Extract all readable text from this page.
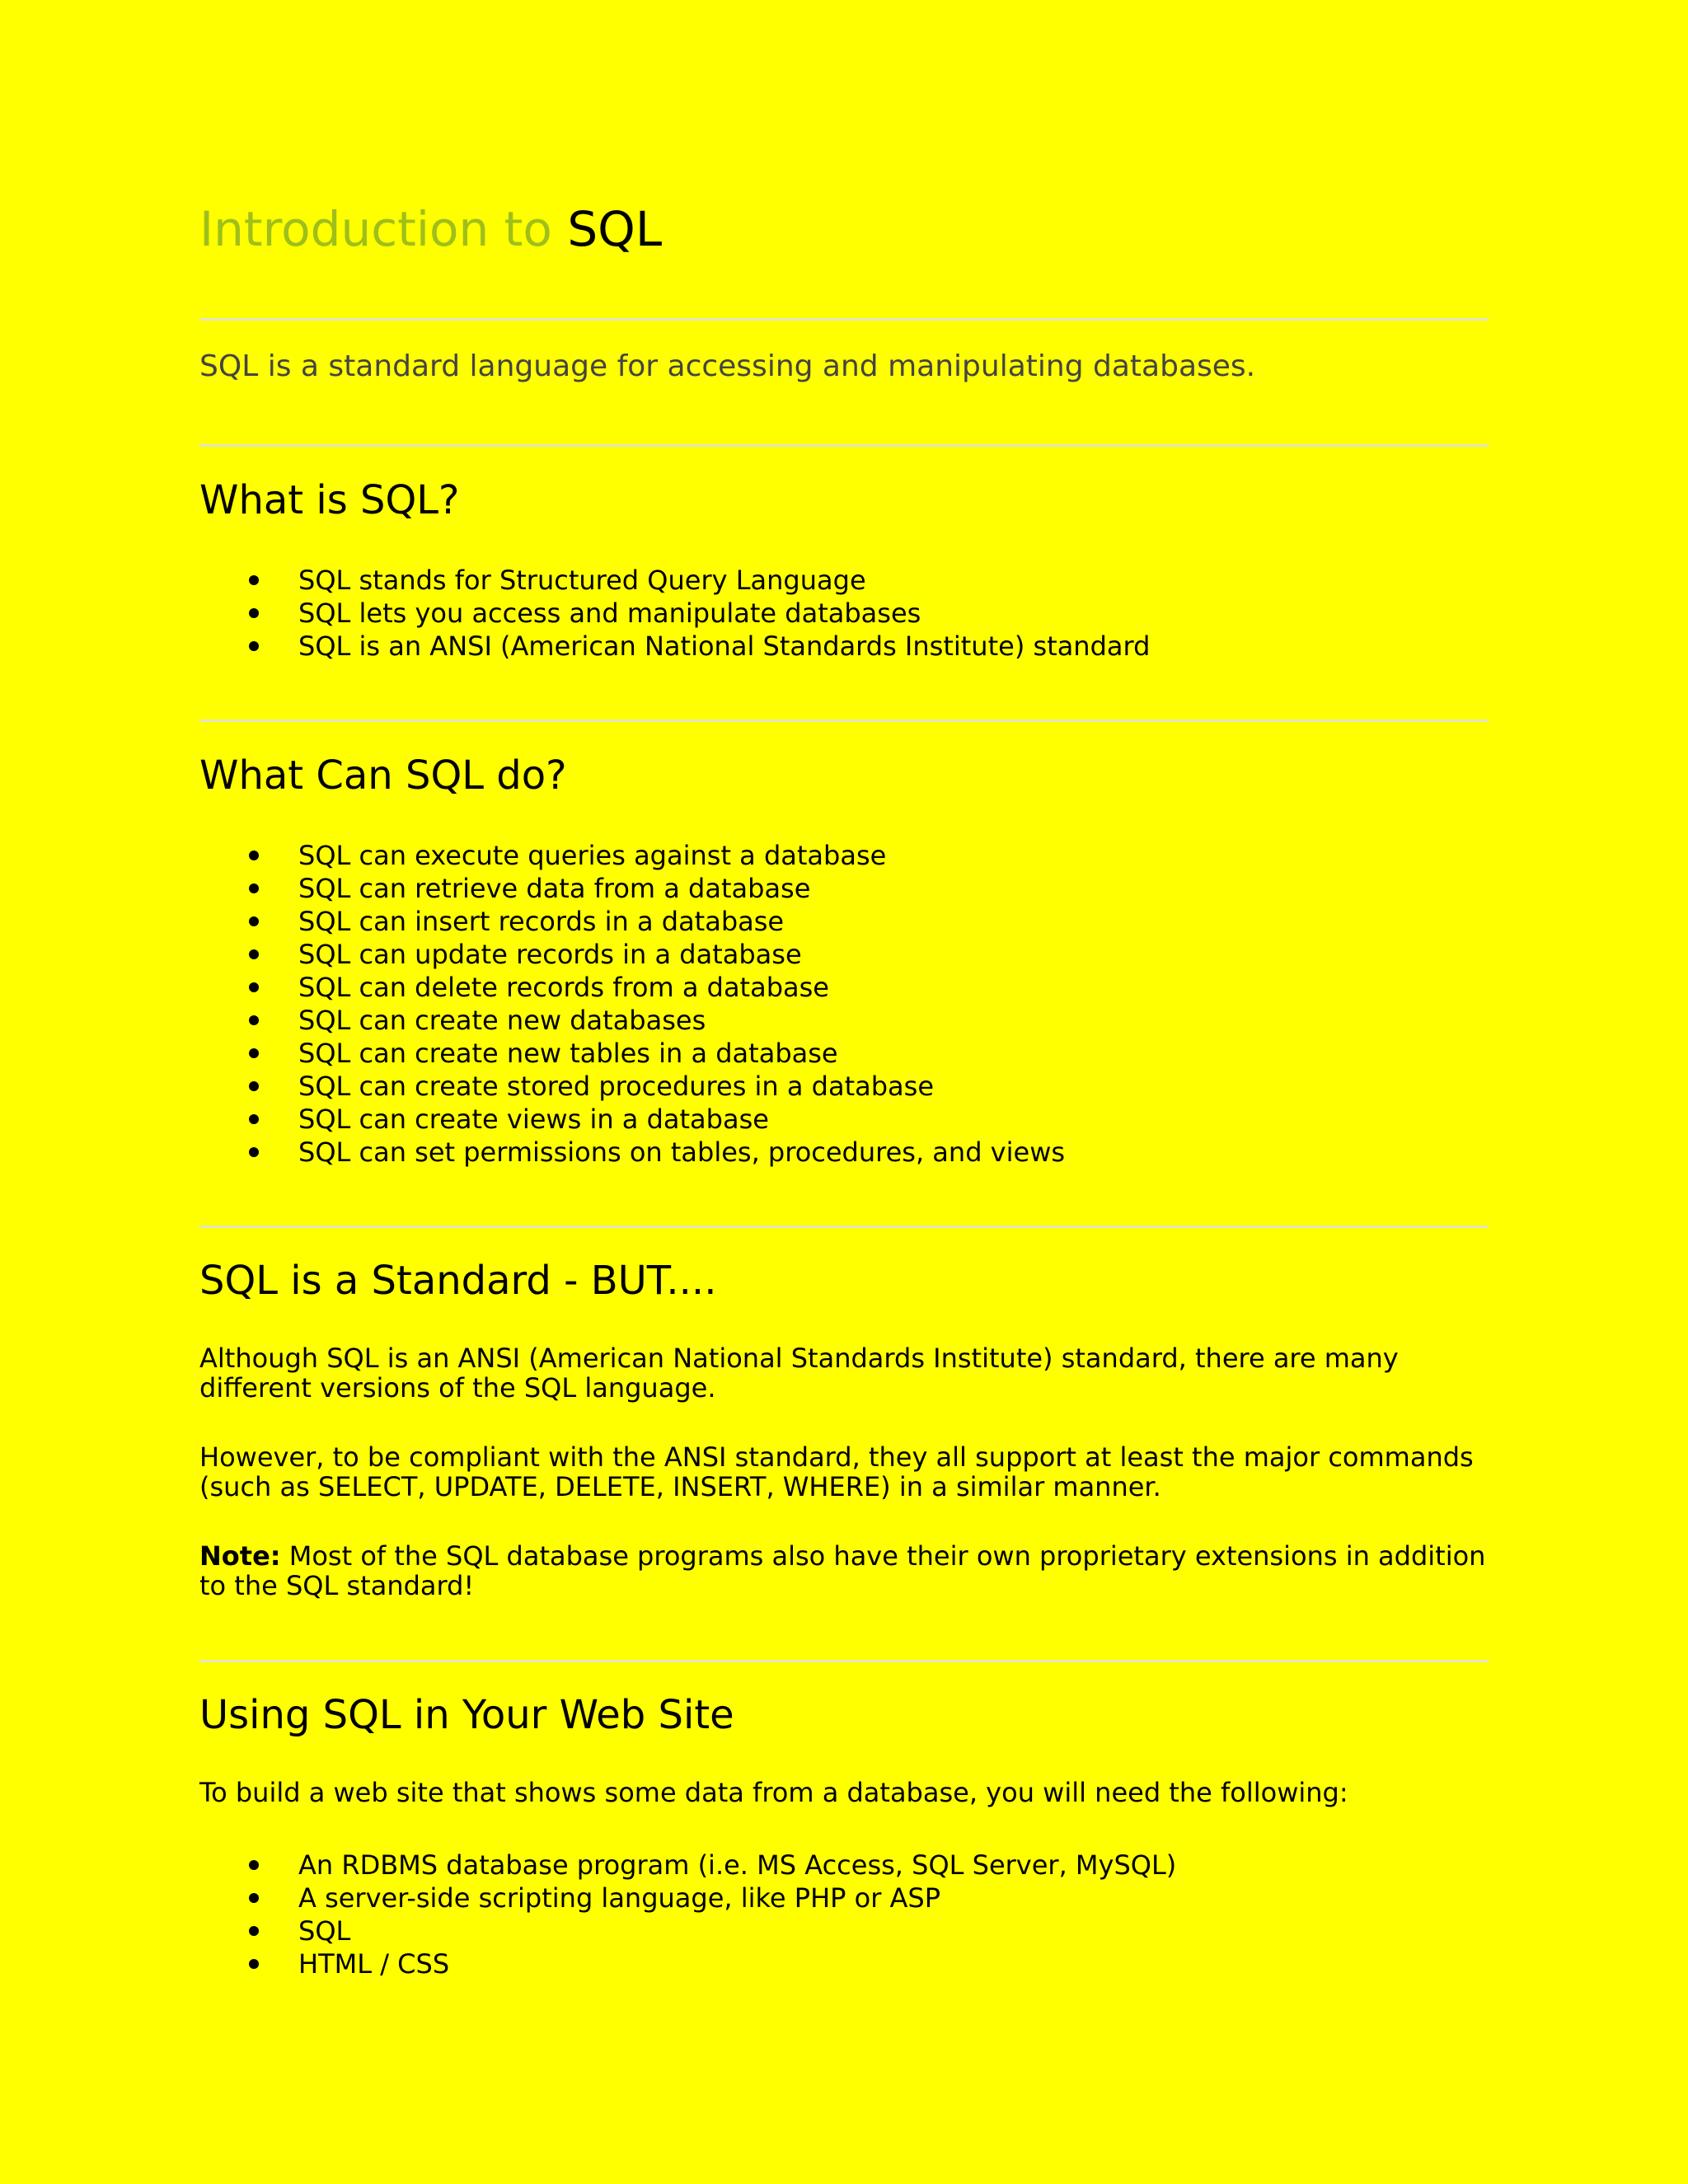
Introduction to SQL

SQL is a standard language for accessing and manipulating databases.

What is SQL?
SQL stands for Structured Query Language
SQL lets you access and manipulate databases
SQL is an ANSI (American National Standards Institute) standard
What Can SQL do?
SQL can execute queries against a database
SQL can retrieve data from a database
SQL can insert records in a database
SQL can update records in a database
SQL can delete records from a database
SQL can create new databases
SQL can create new tables in a database
SQL can create stored procedures in a database
SQL can create views in a database
SQL can set permissions on tables, procedures, and views
SQL is a Standard - BUT....

Although SQL is an ANSI (American National Standards Institute) standard, there are many different versions of the SQL language.

However, to be compliant with the ANSI standard, they all support at least the major commands (such as SELECT, UPDATE, DELETE, INSERT, WHERE) in a similar manner.

Note: Most of the SQL database programs also have their own proprietary extensions in addition to the SQL standard!

Using SQL in Your Web Site

To build a web site that shows some data from a database, you will need the following:

An RDBMS database program (i.e. MS Access, SQL Server, MySQL)
A server-side scripting language, like PHP or ASP
SQL
HTML / CSS
